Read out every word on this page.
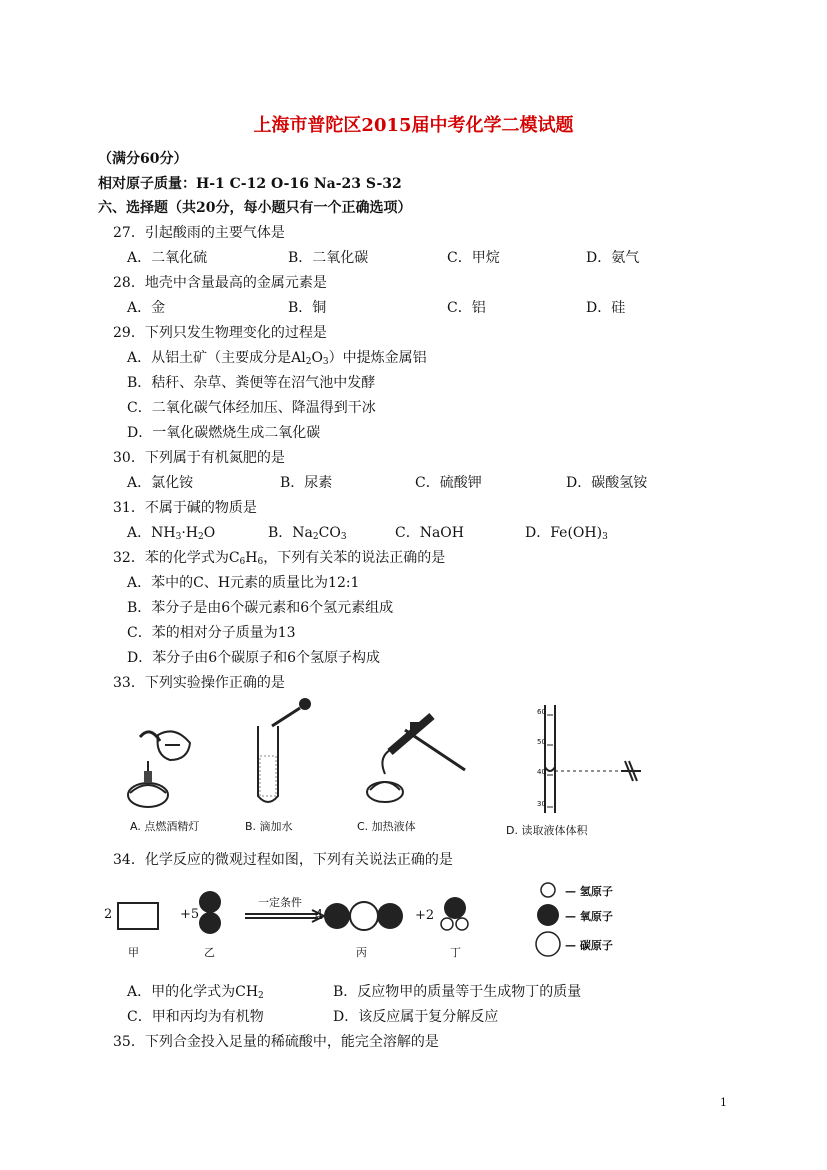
上海市普陀区2015届中考化学二模试题
（满分60分）
相对原子质量：H-1 C-12 O-16 Na-23 S-32
六、选择题（共20分，每小题只有一个正确选项）
27．引起酸雨的主要气体是
A．二氧化硫	B．二氧化碳	C．甲烷	D．氨气
28．地壳中含量最高的金属元素是
A．金	B．铜	C．铝	D．硅
29．下列只发生物理变化的过程是
A．从铝土矿（主要成分是$Al_2O_3$）中提炼金属铝
B．秸秆、杂草、粪便等在沼气池中发酵
C．二氧化碳气体经加压、降温得到干冰
D．一氧化碳燃烧生成二氧化碳
30．下列属于有机氮肥的是
A．氯化铵	B．尿素	C．硫酸钾	D．碳酸氢铵
31．不属于碱的物质是
A．$NH_3\cdot H_2O$	B．$Na_2CO_3$	C．NaOH	D．$Fe(OH)_3$
32．苯的化学式为$C_6H_6$，下列有关苯的说法正确的是
A．苯中的C、H元素的质量比为12:1
B．苯分子是由6个碳元素和6个氢元素组成
C．苯的相对分子质量为13
D．苯分子由6个碳原子和6个氢原子构成
33．下列实验操作正确的是
A. 点燃酒精灯	B. 滴加水	C. 加热液体
60
50
40
30
D. 读取液体体积
34．化学反应的微观过程如图，下列有关说法正确的是
2	+5
一定条件
4	+2
甲	乙	丙	丁
— 氢原子
— 氧原子
— 碳原子
A．甲的化学式为$CH_2$	B．反应物甲的质量等于生成物丁的质量
C．甲和丙均为有机物	D．该反应属于复分解反应
35．下列合金投入足量的稀硫酸中，能完全溶解的是
1
